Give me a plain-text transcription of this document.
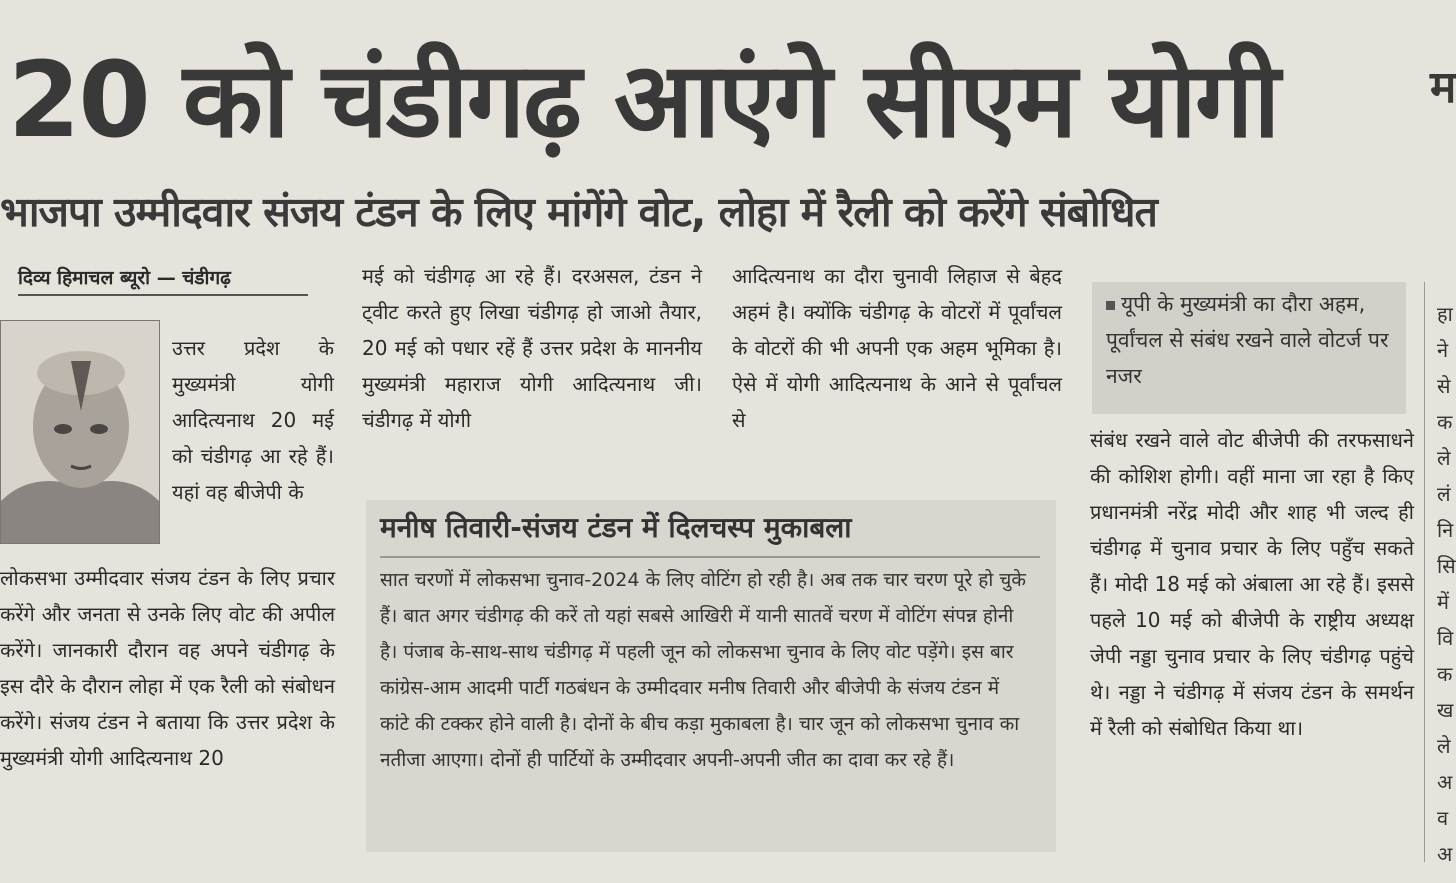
20 को चंडीगढ़ आएंगे सीएम योगी	म
भाजपा उम्मीदवार संजय टंडन के लिए मांगेंगे वोट, लोहा में रैली को करेंगे संबोधित
दिव्य हिमाचल ब्यूरो — चंडीगढ़

उत्तर प्रदेश के मुख्यमंत्री योगी आदित्यनाथ 20 मई को चंडीगढ़ आ रहे हैं। यहां वह बीजेपी के

लोकसभा उम्मीदवार संजय टंडन के लिए प्रचार करेंगे और जनता से उनके लिए वोट की अपील करेंगे। जानकारी दौरान वह अपने चंडीगढ़ के इस दौरे के दौरान लोहा में एक रैली को संबोधन करेंगे। संजय टंडन ने बताया कि उत्तर प्रदेश के मुख्यमंत्री योगी आदित्यनाथ 20

मई को चंडीगढ़ आ रहे हैं। दरअसल, टंडन ने ट्वीट करते हुए लिखा चंडीगढ़ हो जाओ तैयार, 20 मई को पधार रहें हैं उत्तर प्रदेश के माननीय मुख्यमंत्री महाराज योगी आदित्यनाथ जी। चंडीगढ़ में योगी

आदित्यनाथ का दौरा चुनावी लिहाज से बेहद अहमं है। क्योंकि चंडीगढ़ के वोटरों में पूर्वांचल के वोटरों की भी अपनी एक अहम भूमिका है। ऐसे में योगी आदित्यनाथ के आने से पूर्वांचल से

मनीष तिवारी-संजय टंडन में दिलचस्प मुकाबला
सात चरणों में लोकसभा चुनाव-2024 के लिए वोटिंग हो रही है। अब तक चार चरण पूरे हो चुके हैं। बात अगर चंडीगढ़ की करें तो यहां सबसे आखिरी में यानी सातवें चरण में वोटिंग संपन्न होनी है। पंजाब के-साथ-साथ चंडीगढ़ में पहली जून को लोकसभा चुनाव के लिए वोट पड़ेंगे। इस बार कांग्रेस-आम आदमी पार्टी गठबंधन के उम्मीदवार मनीष तिवारी और बीजेपी के संजय टंडन में कांटे की टक्कर होने वाली है। दोनों के बीच कड़ा मुकाबला है। चार जून को लोकसभा चुनाव का नतीजा आएगा। दोनों ही पार्टियों के उम्मीदवार अपनी-अपनी जीत का दावा कर रहे हैं।
यूपी के मुख्यमंत्री का दौरा अहम, पूर्वांचल से संबंध रखने वाले वोटर्ज पर नजर

संबंध रखने वाले वोट बीजेपी की तरफसाधने की कोशिश होगी। वहीं माना जा रहा है किए प्रधानमंत्री नरेंद्र मोदी और शाह भी जल्द ही चंडीगढ़ में चुनाव प्रचार के लिए पहुँच सकते हैं। मोदी 18 मई को अंबाला आ रहे हैं। इससे पहले 10 मई को बीजेपी के राष्ट्रीय अध्यक्ष जेपी नड्डा चुनाव प्रचार के लिए चंडीगढ़ पहुंचे थे। नड्डा ने चंडीगढ़ में संजय टंडन के समर्थन में रैली को संबोधित किया था।

हा
ने
से
क
ले
लं
नि
सि
में
वि
क
ख
ले
अ
व
अ
